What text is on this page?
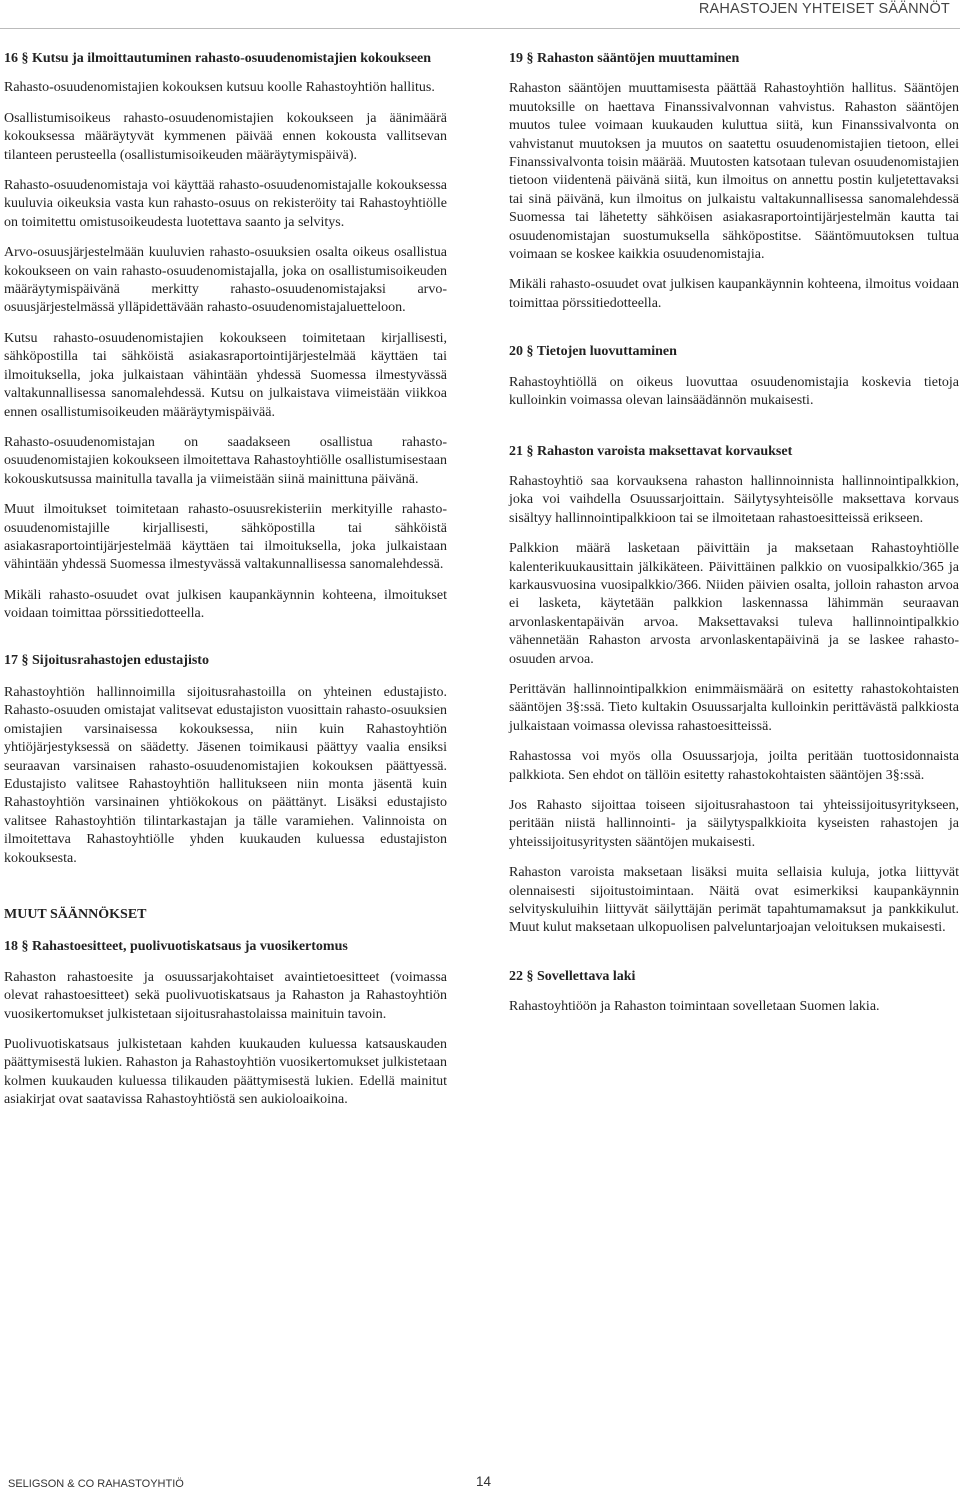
RAHASTOJEN YHTEISET SÄÄNNÖT
16 § Kutsu ja ilmoittautuminen rahasto-osuudenomistajien kokoukseen

Rahasto-osuudenomistajien kokouksen kutsuu koolle Rahastoyhtiön hallitus.

Osallistumisoikeus rahasto-osuudenomistajien kokoukseen ja äänimäärä kokouksessa määräytyvät kymmenen päivää ennen kokousta vallitsevan tilanteen perusteella (osallistumisoikeuden määräytymispäivä).

Rahasto-osuudenomistaja voi käyttää rahasto-osuudenomistajalle kokouksessa kuuluvia oikeuksia vasta kun rahasto-osuus on rekisteröity tai Rahastoyhtiölle on toimitettu omistusoikeudesta luotettava saanto ja selvitys.

Arvo-osuusjärjestelmään kuuluvien rahasto-osuuksien osalta oikeus osallistua kokoukseen on vain rahasto-osuudenomistajalla, joka on osallistumisoikeuden määräytymispäivänä merkitty rahasto-osuudenomistajaksi arvo-osuusjärjestelmässä ylläpidettävään rahasto-osuudenomistajaluetteloon.

Kutsu rahasto-osuudenomistajien kokoukseen toimitetaan kirjallisesti, sähköpostilla tai sähköistä asiakasraportointijärjestelmää käyttäen tai ilmoituksella, joka julkaistaan vähintään yhdessä Suomessa ilmestyvässä valtakunnallisessa sanomalehdessä. Kutsu on julkaistava viimeistään viikkoa ennen osallistumisoikeuden määräytymispäivää.

Rahasto-osuudenomistajan on saadakseen osallistua rahasto-osuudenomistajien kokoukseen ilmoitettava Rahastoyhtiölle osallistumisestaan kokouskutsussa mainitulla tavalla ja viimeistään siinä mainittuna päivänä.

Muut ilmoitukset toimitetaan rahasto-osuusrekisteriin merkityille rahasto-osuudenomistajille kirjallisesti, sähköpostilla tai sähköistä asiakasraportointijärjestelmää käyttäen tai ilmoituksella, joka julkaistaan vähintään yhdessä Suomessa ilmestyvässä valtakunnallisessa sanomalehdessä.

Mikäli rahasto-osuudet ovat julkisen kaupankäynnin kohteena, ilmoitukset voidaan toimittaa pörssitiedotteella.

17 § Sijoitusrahastojen edustajisto

Rahastoyhtiön hallinnoimilla sijoitusrahastoilla on yhteinen edustajisto. Rahasto-osuuden omistajat valitsevat edustajiston vuosittain rahasto-osuuksien omistajien varsinaisessa kokouksessa, niin kuin Rahastoyhtiön yhtiöjärjestyksessä on säädetty. Jäsenen toimikausi päättyy vaalia ensiksi seuraavan varsinaisen rahasto-osuudenomistajien kokouksen päättyessä. Edustajisto valitsee Rahastoyhtiön hallitukseen niin monta jäsentä kuin Rahastoyhtiön varsinainen yhtiökokous on päättänyt. Lisäksi edustajisto valitsee Rahastoyhtiön tilintarkastajan ja tälle varamiehen. Valinnoista on ilmoitettava Rahastoyhtiölle yhden kuukauden kuluessa edustajiston kokouksesta.

MUUT SÄÄNNÖKSET
18 § Rahastoesitteet, puolivuotiskatsaus ja vuosikertomus

Rahaston rahastoesite ja osuussarjakohtaiset avaintietoesitteet (voimassa olevat rahastoesitteet) sekä puolivuotiskatsaus ja Rahaston ja Rahastoyhtiön vuosikertomukset julkistetaan sijoitusrahastolaissa mainituin tavoin.

Puolivuotiskatsaus julkistetaan kahden kuukauden kuluessa katsauskauden päättymisestä lukien. Rahaston ja Rahastoyhtiön vuosikertomukset julkistetaan kolmen kuukauden kuluessa tilikauden päättymisestä lukien. Edellä mainitut asiakirjat ovat saatavissa Rahastoyhtiöstä sen aukioloaikoina.

19 § Rahaston sääntöjen muuttaminen

Rahaston sääntöjen muuttamisesta päättää Rahastoyhtiön hallitus. Sääntöjen muutoksille on haettava Finanssivalvonnan vahvistus. Rahaston sääntöjen muutos tulee voimaan kuukauden kuluttua siitä, kun Finanssivalvonta on vahvistanut muutoksen ja muutos on saatettu osuudenomistajien tietoon, ellei Finanssivalvonta toisin määrää. Muutosten katsotaan tulevan osuudenomistajien tietoon viidentenä päivänä siitä, kun ilmoitus on annettu postin kuljetettavaksi tai sinä päivänä, kun ilmoitus on julkaistu valtakunnallisessa sanomalehdessä Suomessa tai lähetetty sähköisen asiakasraportointijärjestelmän kautta tai osuudenomistajan suostumuksella sähköpostitse. Sääntömuutoksen tultua voimaan se koskee kaikkia osuudenomistajia.

Mikäli rahasto-osuudet ovat julkisen kaupankäynnin kohteena, ilmoitus voidaan toimittaa pörssitiedotteella.

20 § Tietojen luovuttaminen

Rahastoyhtiöllä on oikeus luovuttaa osuudenomistajia koskevia tietoja kulloinkin voimassa olevan lainsäädännön mukaisesti.

21 § Rahaston varoista maksettavat korvaukset

Rahastoyhtiö saa korvauksena rahaston hallinnoinnista hallinnointipalkkion, joka voi vaihdella Osuussarjoittain. Säilytysyhteisölle maksettava korvaus sisältyy hallinnointipalkkioon tai se ilmoitetaan rahastoesitteissä erikseen.

Palkkion määrä lasketaan päivittäin ja maksetaan Rahastoyhtiölle kalenterikuukausittain jälkikäteen. Päivittäinen palkkio on vuosipalkkio/365 ja karkausvuosina vuosipalkkio/366. Niiden päivien osalta, jolloin rahaston arvoa ei lasketa, käytetään palkkion laskennassa lähimmän seuraavan arvonlaskentapäivän arvoa. Maksettavaksi tuleva hallinnointipalkkio vähennetään Rahaston arvosta arvonlaskentapäivinä ja se laskee rahasto-osuuden arvoa.

Perittävän hallinnointipalkkion enimmäismäärä on esitetty rahastokohtaisten sääntöjen 3§:ssä. Tieto kultakin Osuussarjalta kulloinkin perittävästä palkkiosta julkaistaan voimassa olevissa rahastoesitteissä.

Rahastossa voi myös olla Osuussarjoja, joilta peritään tuottosidonnaista palkkiota. Sen ehdot on tällöin esitetty rahastokohtaisten sääntöjen 3§:ssä.

Jos Rahasto sijoittaa toiseen sijoitusrahastoon tai yhteissijoitusyritykseen, peritään niistä hallinnointi- ja säilytyspalkkioita kyseisten rahastojen ja yhteissijoitusyritysten sääntöjen mukaisesti.

Rahaston varoista maksetaan lisäksi muita sellaisia kuluja, jotka liittyvät olennaisesti sijoitustoimintaan. Näitä ovat esimerkiksi kaupankäynnin selvityskuluihin liittyvät säilyttäjän perimät tapahtumamaksut ja pankkikulut. Muut kulut maksetaan ulkopuolisen palveluntarjoajan veloituksen mukaisesti.

22 § Sovellettava laki

Rahastoyhtiöön ja Rahaston toimintaan sovelletaan Suomen lakia.

SELIGSON & CO RAHASTOYHTIÖ	14
